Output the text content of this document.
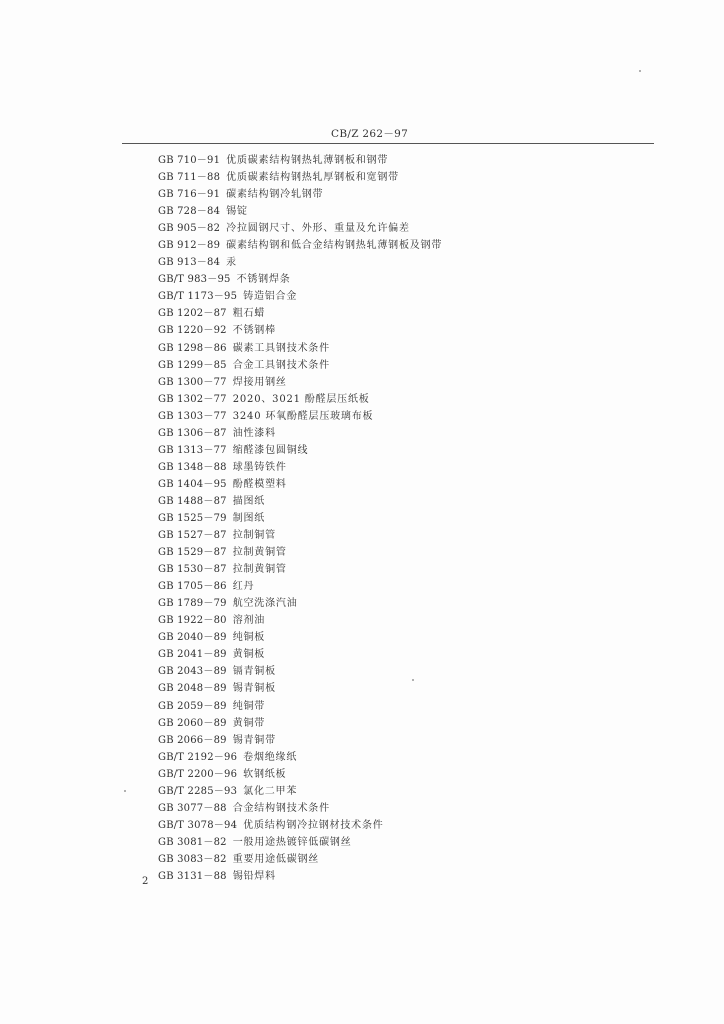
CB/Z 262－97
GB 710－91 优质碳素结构钢热轧薄钢板和钢带
GB 711－88 优质碳素结构钢热轧厚钢板和宽钢带
GB 716－91 碳素结构钢冷轧钢带
GB 728－84 锡锭
GB 905－82 冷拉圆钢尺寸、外形、重量及允许偏差
GB 912－89 碳素结构钢和低合金结构钢热轧薄钢板及钢带
GB 913－84 汞
GB/T 983－95 不锈钢焊条
GB/T 1173－95 铸造铝合金
GB 1202－87 粗石蜡
GB 1220－92 不锈钢棒
GB 1298－86 碳素工具钢技术条件
GB 1299－85 合金工具钢技术条件
GB 1300－77 焊接用钢丝
GB 1302－77 2020、3021 酚醛层压纸板
GB 1303－77 3240 环氧酚醛层压玻璃布板
GB 1306－87 油性漆料
GB 1313－77 缩醛漆包圆铜线
GB 1348－88 球墨铸铁件
GB 1404－95 酚醛模塑料
GB 1488－87 描图纸
GB 1525－79 制图纸
GB 1527－87 拉制铜管
GB 1529－87 拉制黄铜管
GB 1530－87 拉制黄铜管
GB 1705－86 红丹
GB 1789－79 航空洗涤汽油
GB 1922－80 溶剂油
GB 2040－89 纯铜板
GB 2041－89 黄铜板
GB 2043－89 镉青铜板
GB 2048－89 锡青铜板
GB 2059－89 纯铜带
GB 2060－89 黄铜带
GB 2066－89 锡青铜带
GB/T 2192－96 卷烟绝缘纸
GB/T 2200－96 软钢纸板
GB/T 2285－93 氯化二甲苯
GB 3077－88 合金结构钢技术条件
GB/T 3078－94 优质结构钢冷拉钢材技术条件
GB 3081－82 一般用途热镀锌低碳钢丝
GB 3083－82 重要用途低碳钢丝
GB 3131－88 锡铅焊料
2
